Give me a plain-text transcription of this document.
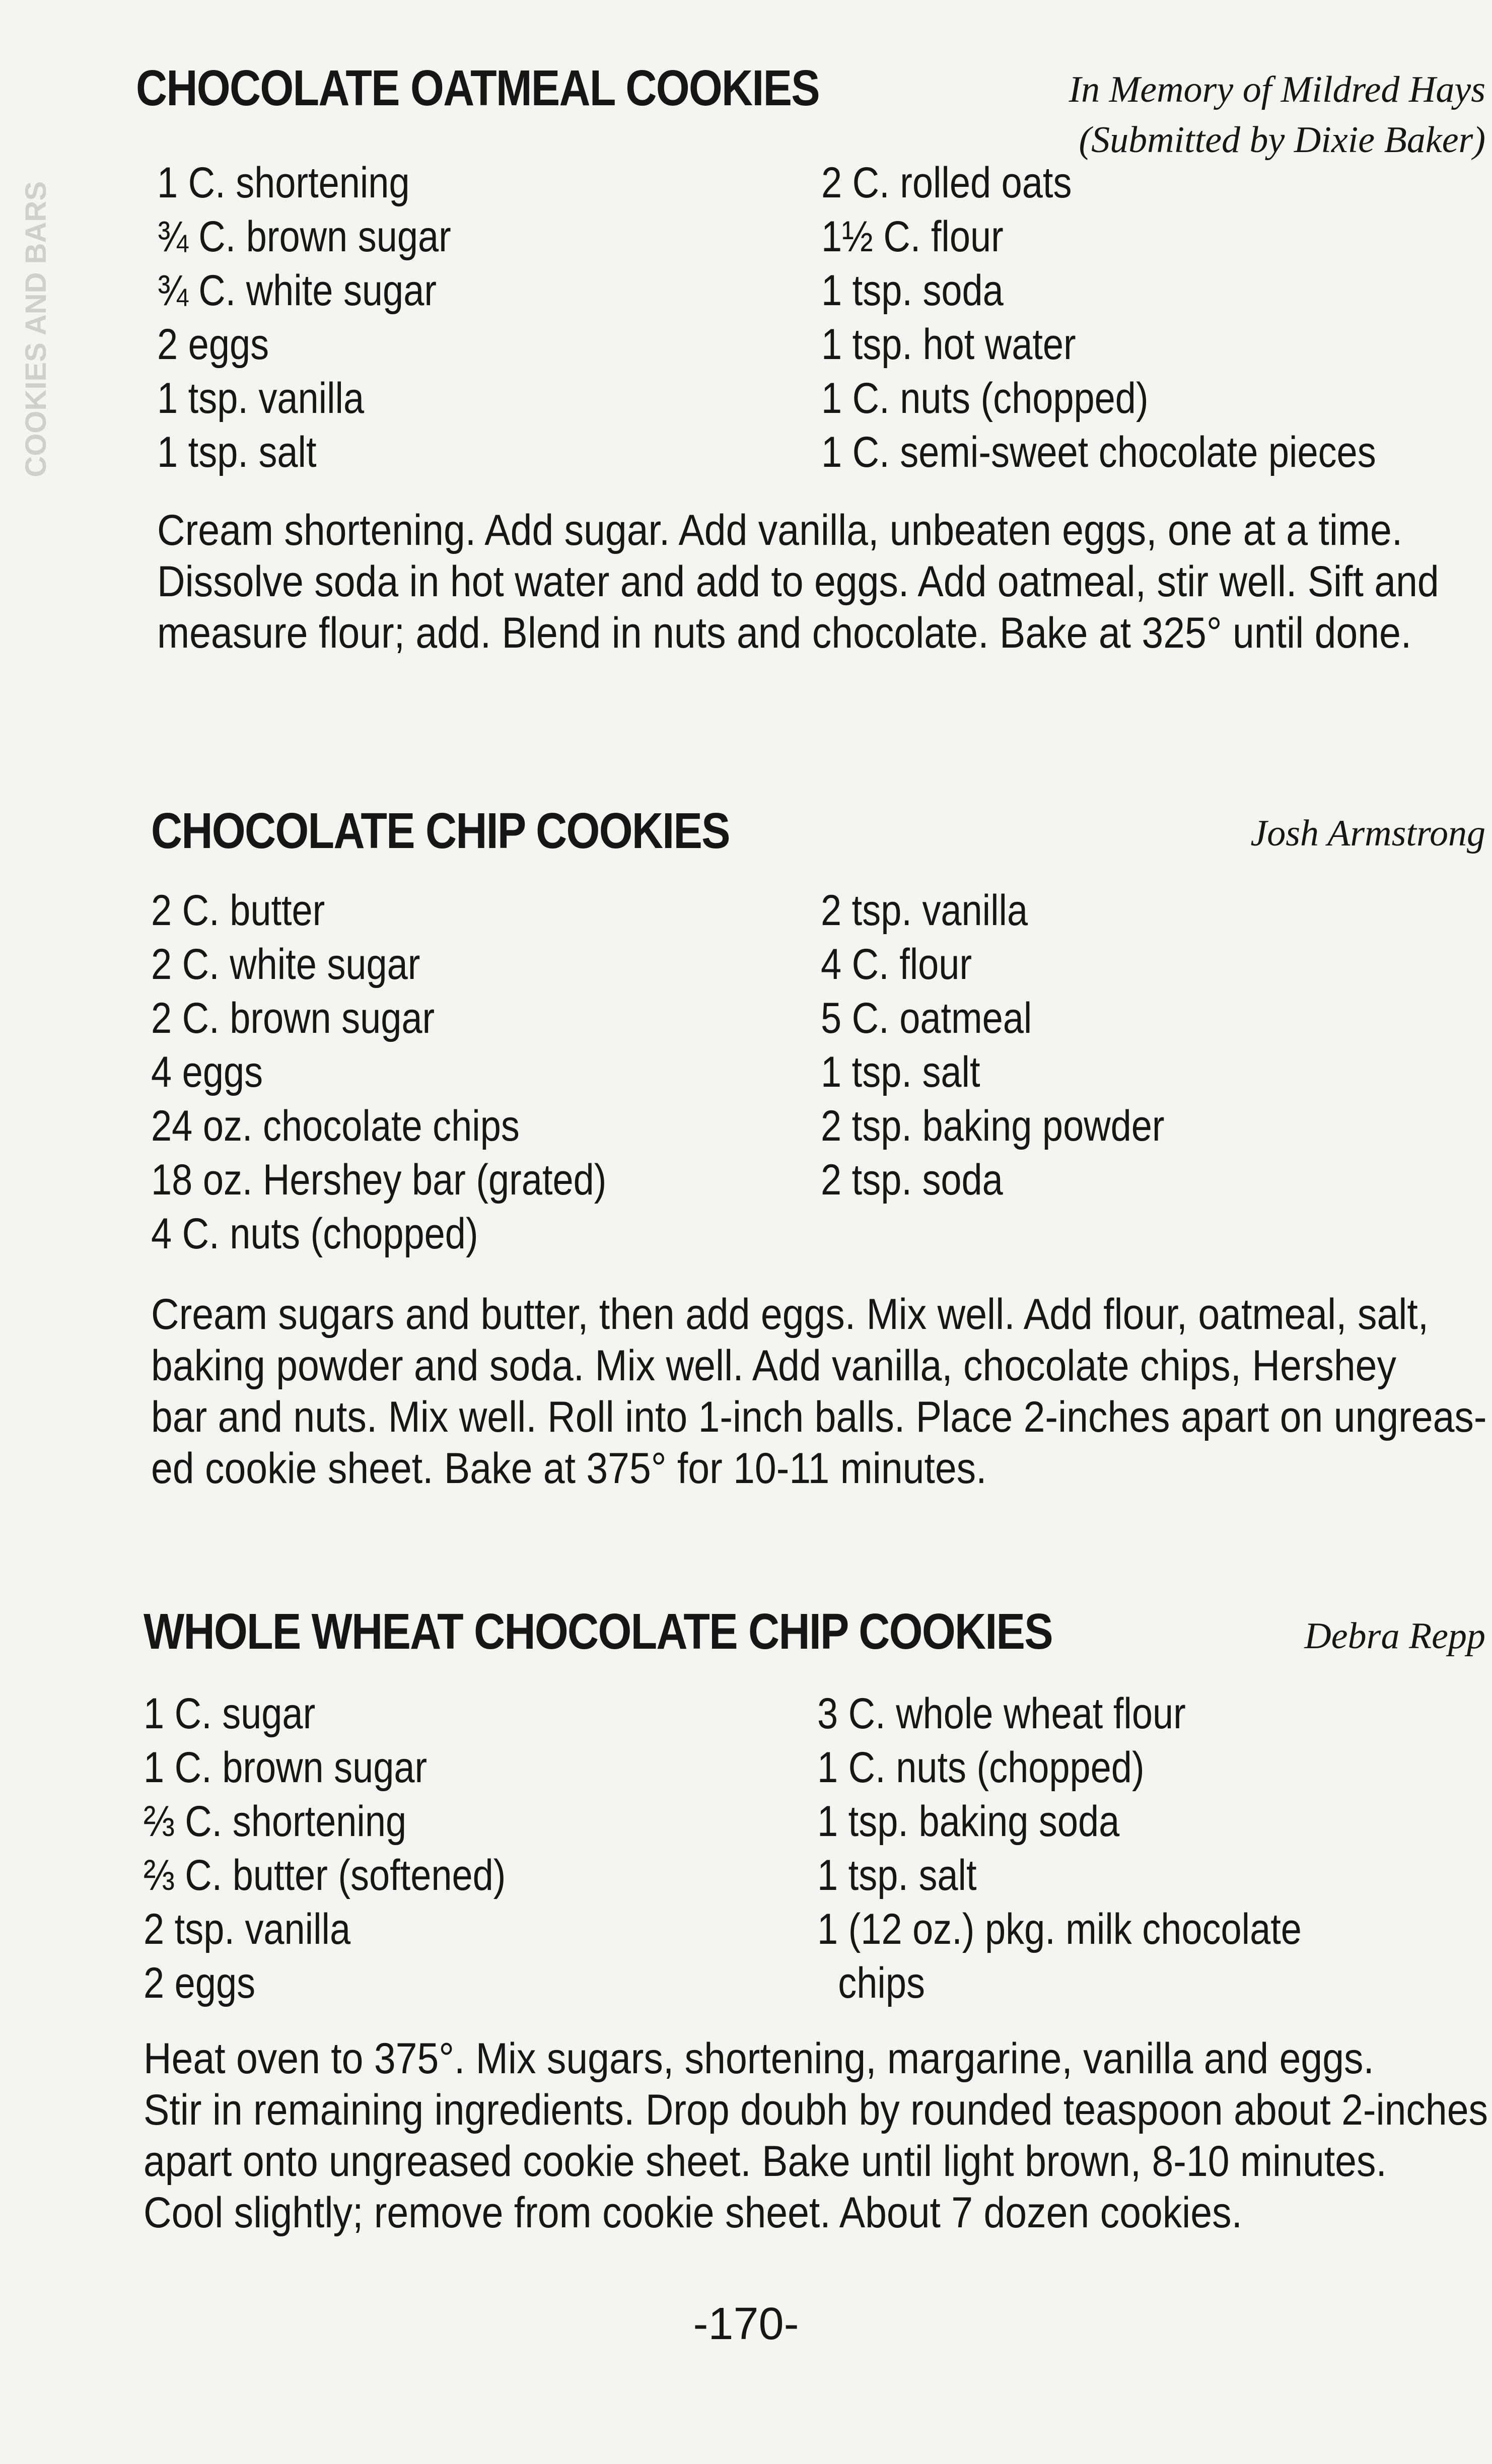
COOKIES AND BARS
CHOCOLATE OATMEAL COOKIES	In Memory of Mildred Hays
(Submitted by Dixie Baker)
1 C. shortening
¾ C. brown sugar
¾ C. white sugar
2 eggs
1 tsp. vanilla
1 tsp. salt
2 C. rolled oats
1½ C. flour
1 tsp. soda
1 tsp. hot water
1 C. nuts (chopped)
1 C. semi-sweet chocolate pieces
Cream shortening. Add sugar. Add vanilla, unbeaten eggs, one at a time.
Dissolve soda in hot water and add to eggs. Add oatmeal, stir well. Sift and
measure flour; add. Blend in nuts and chocolate. Bake at 325° until done.
CHOCOLATE CHIP COOKIES	Josh Armstrong
2 C. butter
2 C. white sugar
2 C. brown sugar
4 eggs
24 oz. chocolate chips
18 oz. Hershey bar (grated)
4 C. nuts (chopped)
2 tsp. vanilla
4 C. flour
5 C. oatmeal
1 tsp. salt
2 tsp. baking powder
2 tsp. soda
Cream sugars and butter, then add eggs. Mix well. Add flour, oatmeal, salt,
baking powder and soda. Mix well. Add vanilla, chocolate chips, Hershey
bar and nuts. Mix well. Roll into 1-inch balls. Place 2-inches apart on ungreas-
ed cookie sheet. Bake at 375° for 10-11 minutes.
WHOLE WHEAT CHOCOLATE CHIP COOKIES	Debra Repp
1 C. sugar
1 C. brown sugar
⅔ C. shortening
⅔ C. butter (softened)
2 tsp. vanilla
2 eggs
3 C. whole wheat flour
1 C. nuts (chopped)
1 tsp. baking soda
1 tsp. salt
1 (12 oz.) pkg. milk chocolate
chips
Heat oven to 375°. Mix sugars, shortening, margarine, vanilla and eggs.
Stir in remaining ingredients. Drop doubh by rounded teaspoon about 2-inches
apart onto ungreased cookie sheet. Bake until light brown, 8-10 minutes.
Cool slightly; remove from cookie sheet. About 7 dozen cookies.
-170-
